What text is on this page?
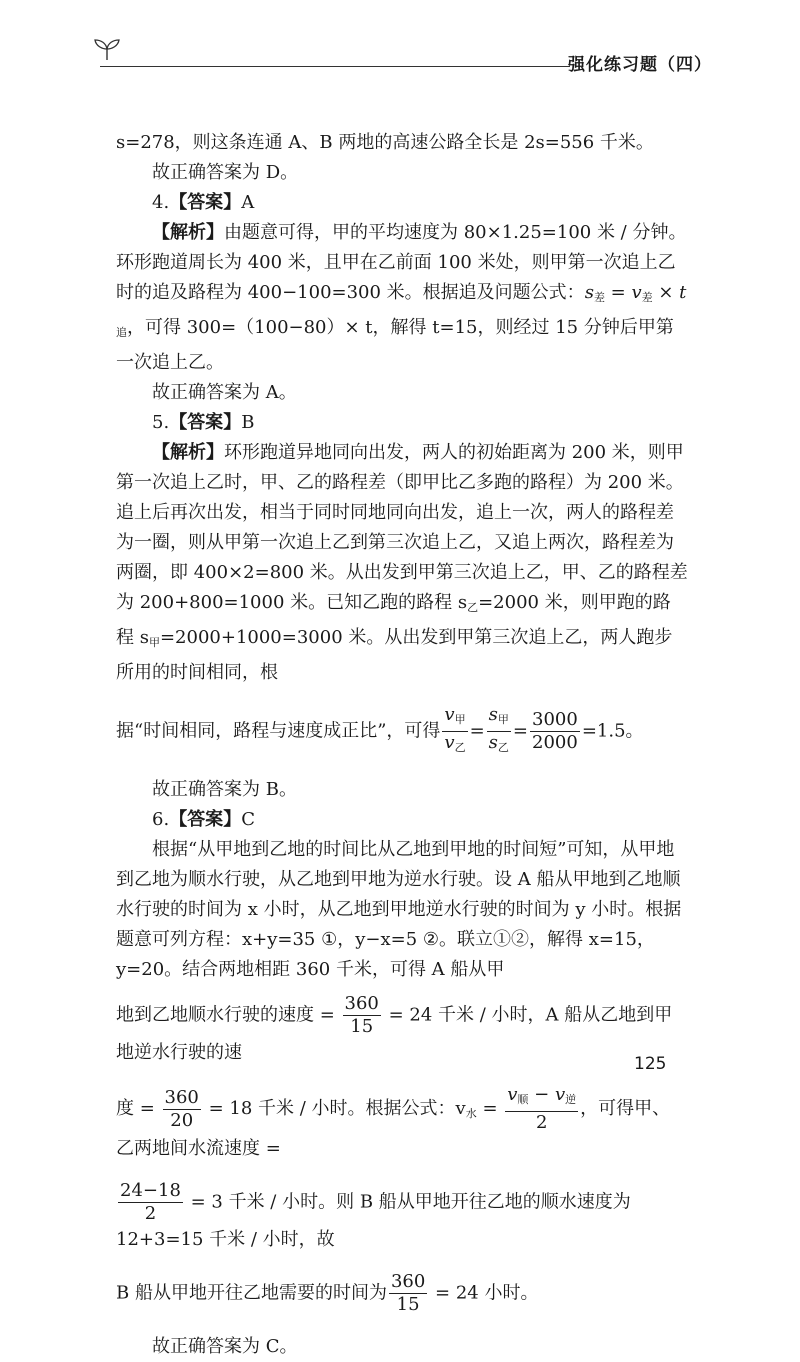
强化练习题（四）

s=278，则这条连通 A、B 两地的高速公路全长是 2s=556 千米。

故正确答案为 D。

4.【答案】A

【解析】由题意可得，甲的平均速度为 80×1.25=100 米 / 分钟。环形跑道周长为 400 米，且甲在乙前面 100 米处，则甲第一次追上乙时的追及路程为 400−100=300 米。根据追及问题公式：$s_差 = v_差 \times t_追$，可得 300=（100−80）× t，解得 t=15，则经过 15 分钟后甲第一次追上乙。

故正确答案为 A。

5.【答案】B

【解析】环形跑道异地同向出发，两人的初始距离为 200 米，则甲第一次追上乙时，甲、乙的路程差（即甲比乙多跑的路程）为 200 米。追上后再次出发，相当于同时同地同向出发，追上一次，两人的路程差为一圈，则从甲第一次追上乙到第三次追上乙，又追上两次，路程差为两圈，即 400×2=800 米。从出发到甲第三次追上乙，甲、乙的路程差为 200+800=1000 米。已知乙跑的路程 $s_乙=2000$ 米，则甲跑的路程 $s_甲=2000+1000=3000$ 米。从出发到甲第三次追上乙，两人跑步所用的时间相同，根

据“时间相同，路程与速度成正比”，可得
$v_甲$
$v_乙$
=
$s_甲$
$s_乙$
= $\frac{3000}{2000} =1.5$。

故正确答案为 B。

6.【答案】C

根据“从甲地到乙地的时间比从乙地到甲地的时间短”可知，从甲地到乙地为顺水行驶，从乙地到甲地为逆水行驶。设 A 船从甲地到乙地顺水行驶的时间为 x 小时，从乙地到甲地逆水行驶的时间为 y 小时。根据题意可列方程：x+y=35 ①，y−x=5 ②。联立①②，解得 x=15，y=20。结合两地相距 360 千米，可得 A 船从甲

地到乙地顺水行驶的速度 = $\frac{360}{15} = 24$ 千米 / 小时，A 船从乙地到甲地逆水行驶的速

度 = $\frac{360}{20} = 18$ 千米 / 小时。根据公式：$v_水$ =
$v_顺 - v_逆$
2
，可得甲、乙两地间水流速度 =

$\frac{24-18}{2} = 3$ 千米 / 小时。则 B 船从甲地开往乙地的顺水速度为 12+3=15 千米 / 小时，故

B 船从甲地开往乙地需要的时间为 $\frac{360}{15} = 24$ 小时。

故正确答案为 C。

125
